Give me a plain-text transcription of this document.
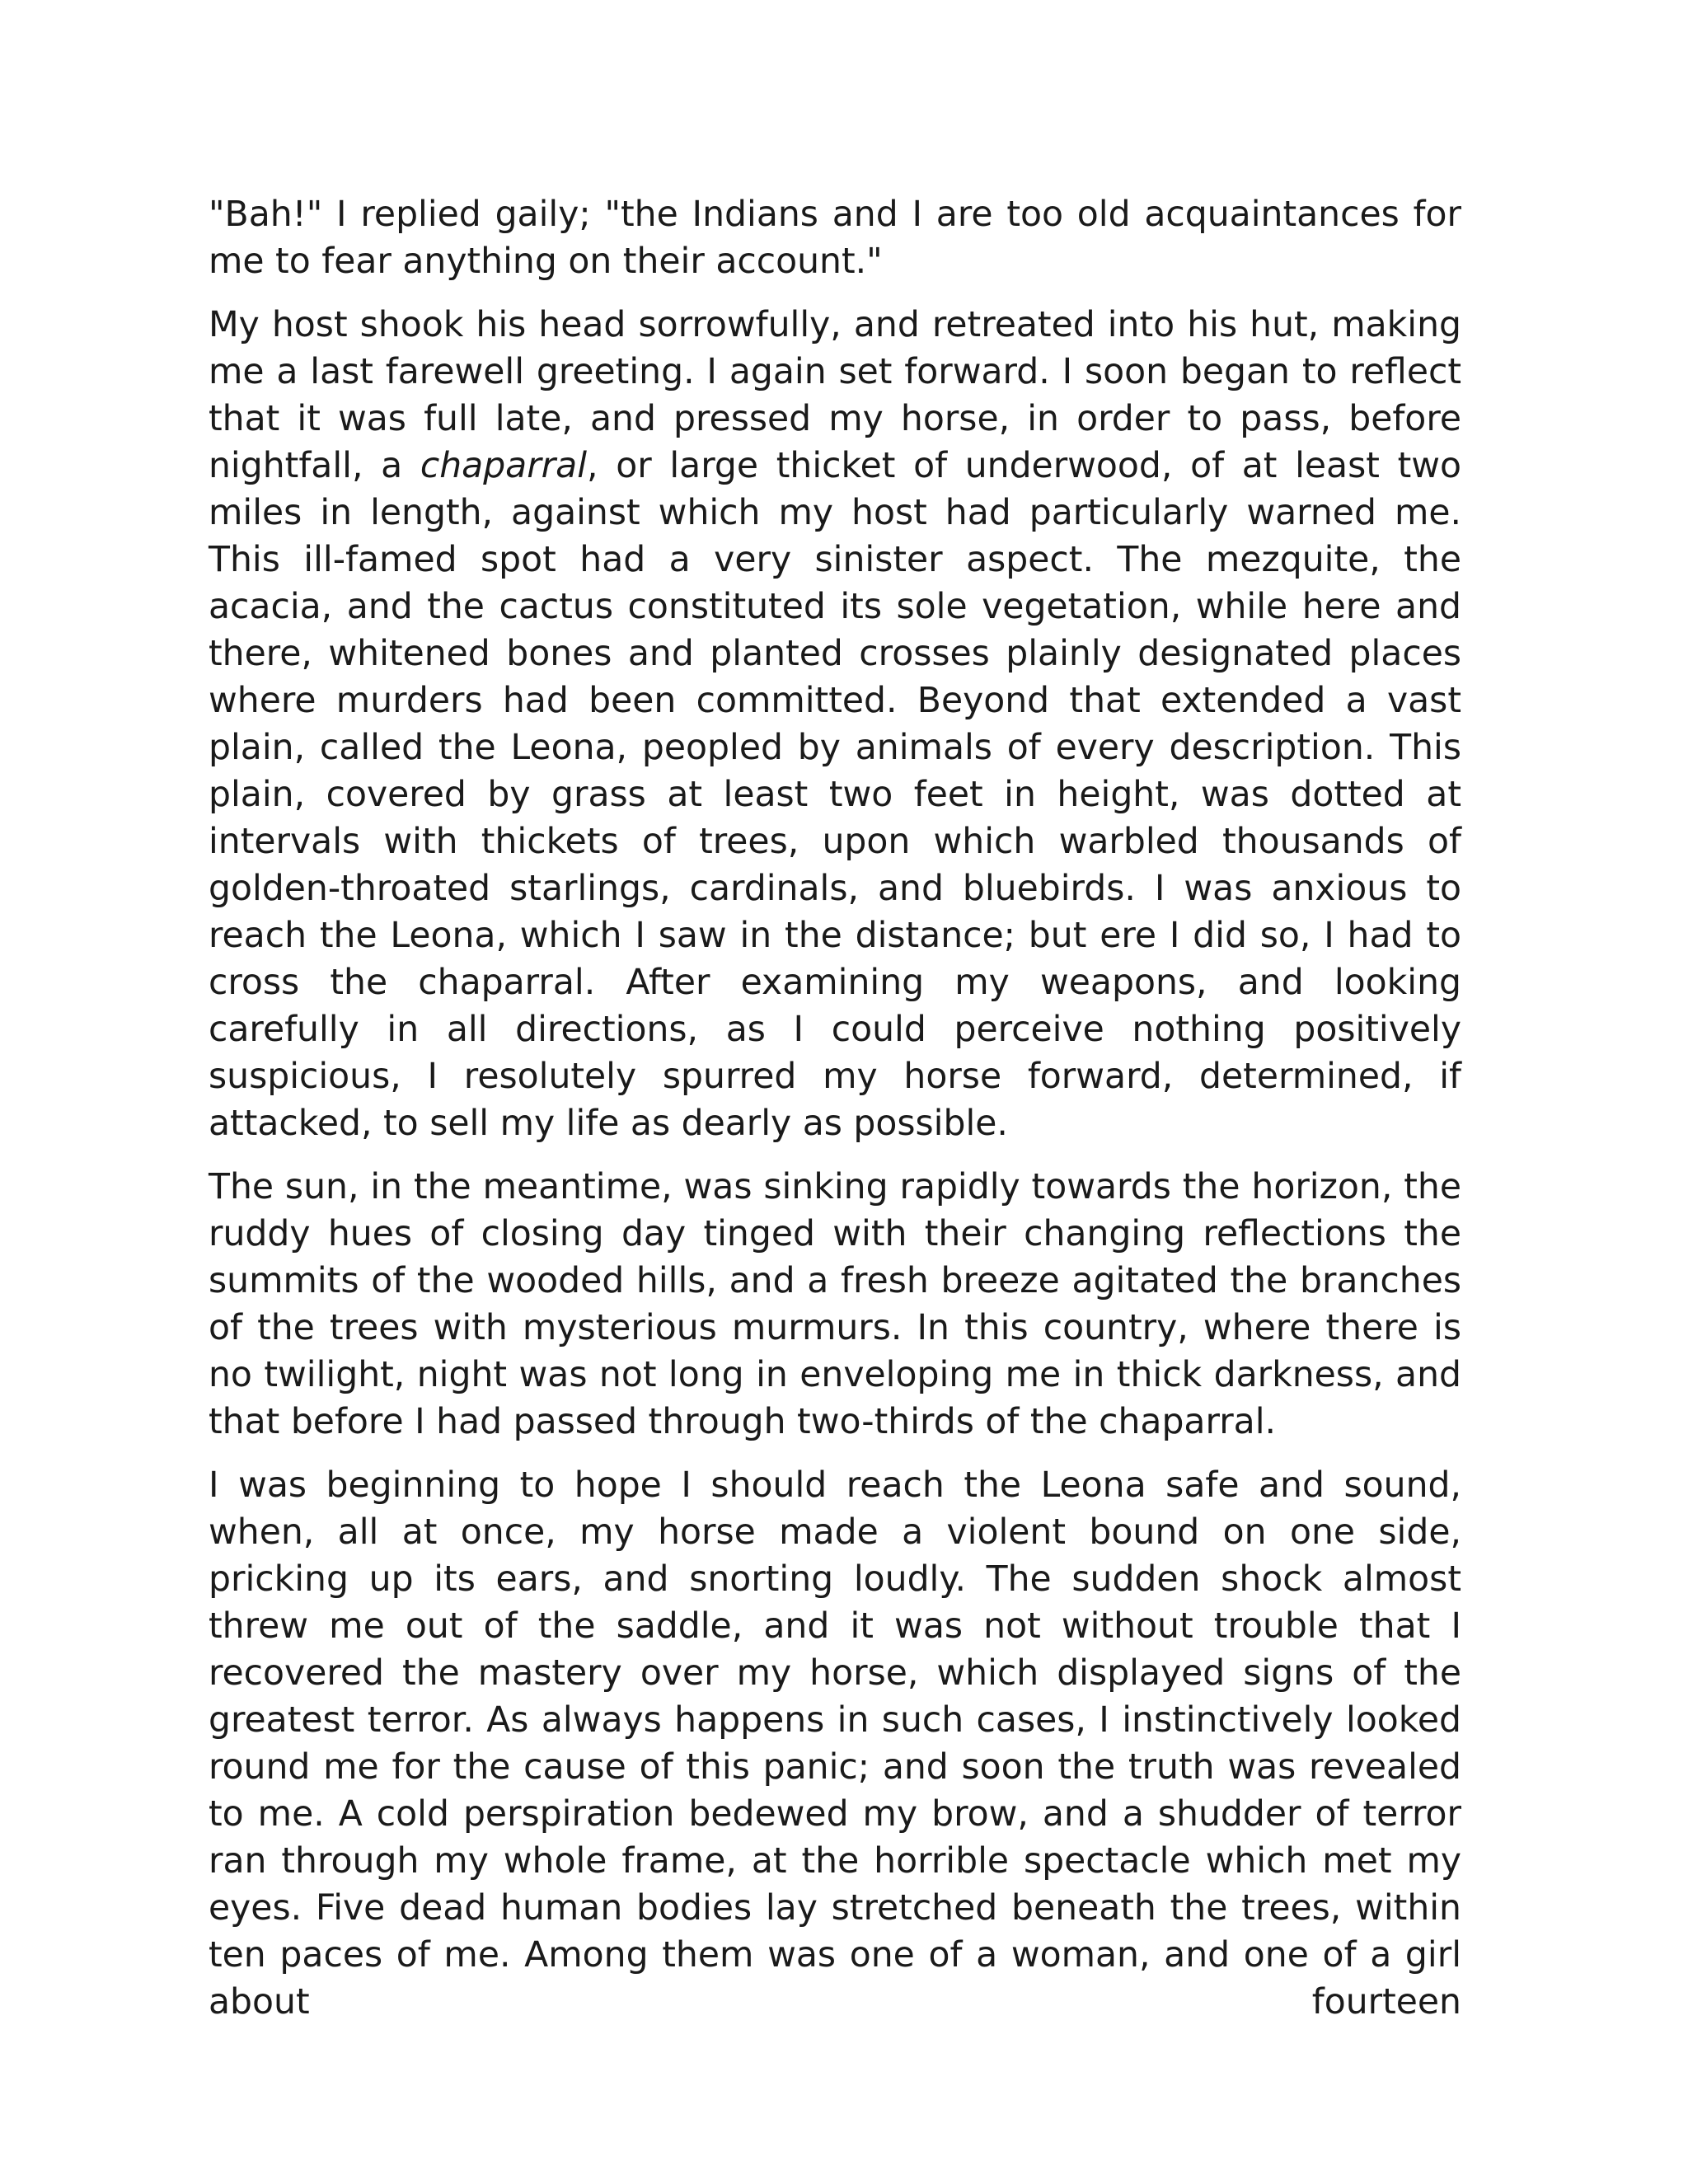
"Bah!" I replied gaily; "the Indians and I are too old acquaintances for me to fear anything on their account."

My host shook his head sorrowfully, and retreated into his hut, making me a last farewell greeting. I again set forward. I soon began to reflect that it was full late, and pressed my horse, in order to pass, before nightfall, a chaparral, or large thicket of underwood, of at least two miles in length, against which my host had particularly warned me. This ill-famed spot had a very sinister aspect. The mezquite, the acacia, and the cactus constituted its sole vegetation, while here and there, whitened bones and planted crosses plainly designated places where murders had been committed. Beyond that extended a vast plain, called the Leona, peopled by animals of every description. This plain, covered by grass at least two feet in height, was dotted at intervals with thickets of trees, upon which warbled thousands of golden-throated starlings, cardinals, and bluebirds. I was anxious to reach the Leona, which I saw in the distance; but ere I did so, I had to cross the chaparral. After examining my weapons, and looking carefully in all directions, as I could perceive nothing positively suspicious, I resolutely spurred my horse forward, determined, if attacked, to sell my life as dearly as possible.

The sun, in the meantime, was sinking rapidly towards the horizon, the ruddy hues of closing day tinged with their changing reflections the summits of the wooded hills, and a fresh breeze agitated the branches of the trees with mysterious murmurs. In this country, where there is no twilight, night was not long in enveloping me in thick darkness, and that before I had passed through two-thirds of the chaparral.

I was beginning to hope I should reach the Leona safe and sound, when, all at once, my horse made a violent bound on one side, pricking up its ears, and snorting loudly. The sudden shock almost threw me out of the saddle, and it was not without trouble that I recovered the mastery over my horse, which displayed signs of the greatest terror. As always happens in such cases, I instinctively looked round me for the cause of this panic; and soon the truth was revealed to me. A cold perspiration bedewed my brow, and a shudder of terror ran through my whole frame, at the horrible spectacle which met my eyes. Five dead human bodies lay stretched beneath the trees, within ten paces of me. Among them was one of a woman, and one of a girl about fourteen
